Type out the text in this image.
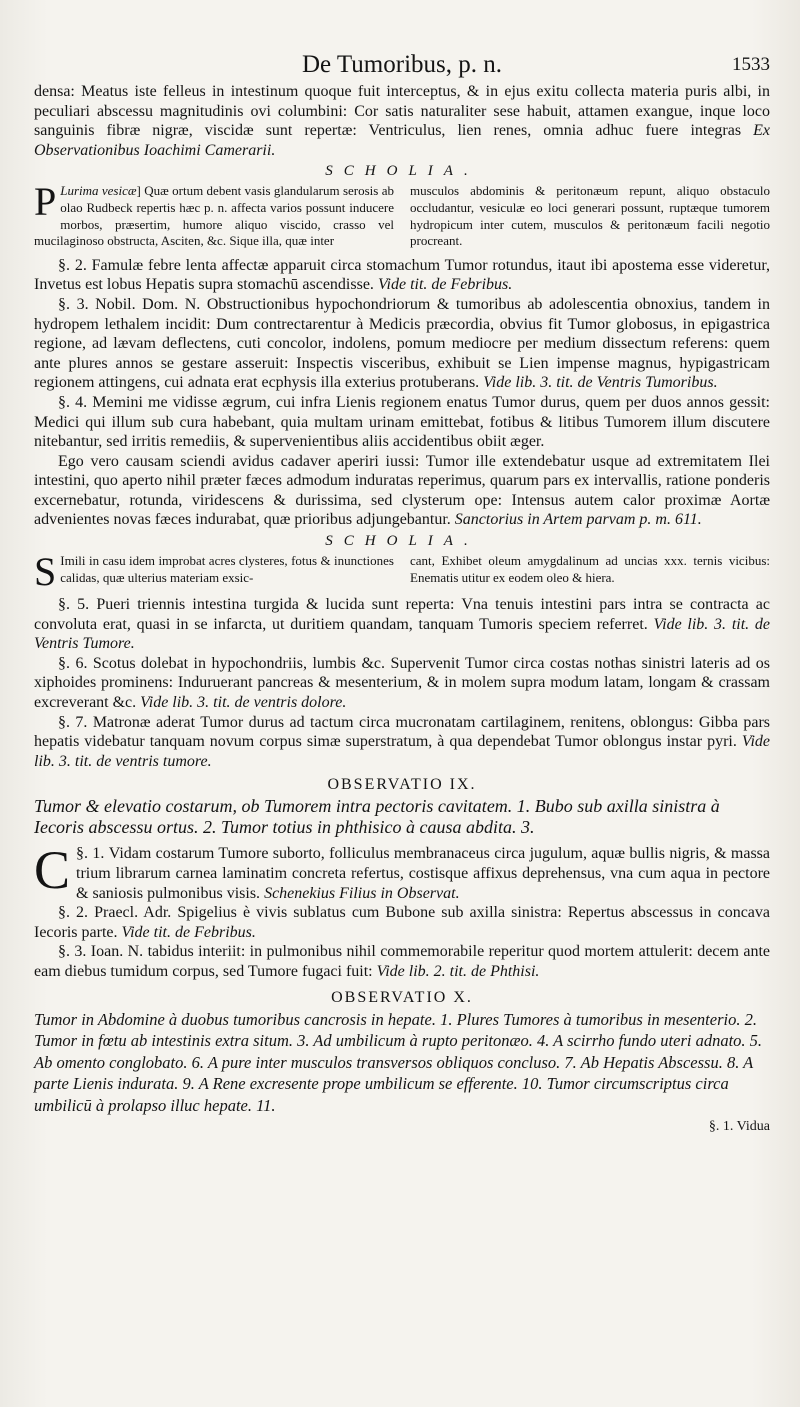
De Tumoribus, p. n.	1533

densa: Meatus iste felleus in intestinum quoque fuit interceptus, & in ejus exitu collecta materia puris albi, in peculiari abscessu magnitudinis ovi columbini: Cor satis naturaliter sese habuit, attamen exangue, inque loco sanguinis fibræ nigræ, viscidæ sunt repertæ: Ventriculus, lien renes, omnia adhuc fuere integras Ex Observationibus Ioachimi Camerarii.

SCHOLIA.

P Lurima vesicæ] Quæ ortum debent vasis glandularum serosis ab olao Rudbeck repertis hæc p. n. affecta varios possunt inducere morbos, præsertim, humore aliquo viscido, crasso vel mucilaginoso obstructa, Asciten, &c. Sique illa, quæ inter

musculos abdominis & peritonæum repunt, aliquo obstaculo occludantur, vesiculæ eo loci generari possunt, ruptæque tumorem hydropicum inter cutem, musculos & peritonæum facili negotio procreant.

§. 2. Famulæ febre lenta affectæ apparuit circa stomachum Tumor rotundus, itaut ibi apostema esse videretur, Invetus est lobus Hepatis supra stomachū ascendisse. Vide tit. de Febribus.

§. 3. Nobil. Dom. N. Obstructionibus hypochondriorum & tumoribus ab adolescentia obnoxius, tandem in hydropem lethalem incidit: Dum contrectarentur à Medicis præcordia, obvius fit Tumor globosus, in epigastrica regione, ad lævam deflectens, cuti concolor, indolens, pomum mediocre per medium dissectum referens: quem ante plures annos se gestare asseruit: Inspectis visceribus, exhibuit se Lien impense magnus, hypigastricam regionem attingens, cui adnata erat ecphysis illa exterius protuberans. Vide lib. 3. tit. de Ventris Tumoribus.

§. 4. Memini me vidisse ægrum, cui infra Lienis regionem enatus Tumor durus, quem per duos annos gessit: Medici qui illum sub cura habebant, quia multam urinam emittebat, fotibus & litibus Tumorem illum discutere nitebantur, sed irritis remediis, & supervenientibus aliis accidentibus obiit æger.

Ego vero causam sciendi avidus cadaver aperiri iussi: Tumor ille extendebatur usque ad extremitatem Ilei intestini, quo aperto nihil præter fæces admodum induratas reperimus, quarum pars ex intervallis, ratione ponderis excernebatur, rotunda, viridescens & durissima, sed clysterum ope: Intensus autem calor proximæ Aortæ advenientes novas fæces indurabat, quæ prioribus adjungebantur. Sanctorius in Artem parvam p. m. 611.

SCHOLIA.

S Imili in casu idem improbat acres clysteres, fotus & inunctiones calidas, quæ ulterius materiam exsic-

cant, Exhibet oleum amygdalinum ad uncias xxx. ternis vicibus: Enematis utitur ex eodem oleo & hiera.

§. 5. Pueri triennis intestina turgida & lucida sunt reperta: Vna tenuis intestini pars intra se contracta ac convoluta erat, quasi in se infarcta, ut duritiem quandam, tanquam Tumoris speciem referret. Vide lib. 3. tit. de Ventris Tumore.

§. 6. Scotus dolebat in hypochondriis, lumbis &c. Supervenit Tumor circa costas nothas sinistri lateris ad os xiphoides prominens: Induruerant pancreas & mesenterium, & in molem supra modum latam, longam & crassam excreverant &c. Vide lib. 3. tit. de ventris dolore.

§. 7. Matronæ aderat Tumor durus ad tactum circa mucronatam cartilaginem, renitens, oblongus: Gibba pars hepatis videbatur tanquam novum corpus simæ superstratum, à qua dependebat Tumor oblongus instar pyri. Vide lib. 3. tit. de ventris tumore.

OBSERVATIO IX.

Tumor & elevatio costarum, ob Tumorem intra pectoris cavitatem. 1. Bubo sub axilla sinistra à Iecoris abscessu ortus. 2. Tumor totius in phthisico à causa abdita. 3.

§. 1.
C	Vidam costarum Tumore suborto, folliculus membranaceus circa jugulum, aquæ bullis nigris, & massa trium librarum carnea laminatim concreta refertus, costisque affixus deprehensus, vna cum aqua in pectore & saniosis pulmonibus visis. Schenekius Filius in Observat.

§. 2. Praecl. Adr. Spigelius è vivis sublatus cum Bubone sub axilla sinistra: Repertus abscessus in concava Iecoris parte. Vide tit. de Febribus.

§. 3. Ioan. N. tabidus interiit: in pulmonibus nihil commemorabile reperitur quod mortem attulerit: decem ante eam diebus tumidum corpus, sed Tumore fugaci fuit: Vide lib. 2. tit. de Phthisi.

OBSERVATIO X.

Tumor in Abdomine à duobus tumoribus cancrosis in hepate. 1. Plures Tumores à tumoribus in mesenterio. 2. Tumor in fœtu ab intestinis extra situm. 3. Ad umbilicum à rupto peritonæo. 4. A scirrho fundo uteri adnato. 5. Ab omento conglobato. 6. A pure inter musculos transversos obliquos concluso. 7. Ab Hepatis Abscessu. 8. A parte Lienis indurata. 9. A Rene excresente prope umbilicum se efferente. 10. Tumor circumscriptus circa umbilicū à prolapso illuc hepate. 11.

§. 1. Vidua
